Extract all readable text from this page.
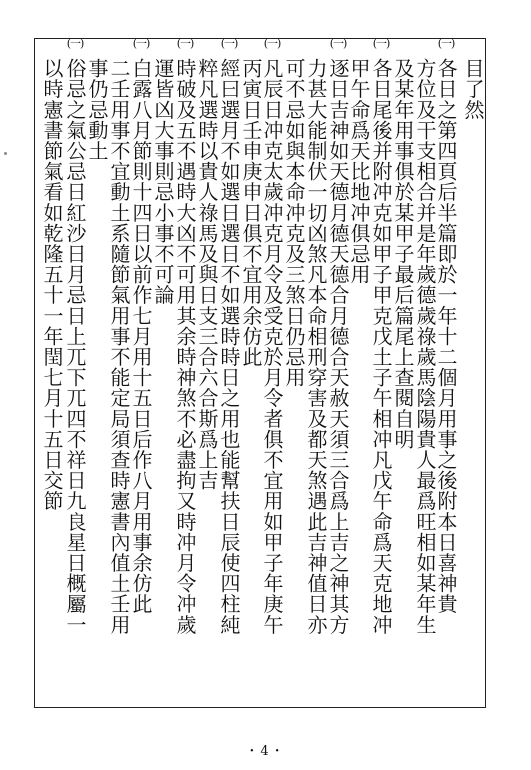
目了然
(一)
各日之第四頁后半篇即於一年十二個月用事之後附本日喜神貴
方位及干支相合并是年歲德歲祿歲馬陰陽貴人最爲旺相如某年生
及某年用事俱於某甲子最后篇尾上查閱自明
(一)
各日尾後并附冲克如甲子甲克戊土子午相冲凡戊午命爲天克地冲
甲午命爲天比地冲俱忌用
(一)
逐日吉神如天德月德天德合月德合天赦天須三合爲上吉之神其方
力甚大能制伏一切凶煞凡本命相刑穿害及都天煞遇此吉神值日亦
可不忌如與本命冲克及三煞日仍忌用
(一)
凡辰日冲克太歲冲克月令及受克於月令者俱不宜用如甲子年庚午
丙寅日壬申庚申日俱不宜用余仿此
(一)
經曰選月不如選日選日不如選時時日之用也能幫扶日辰使四柱純
粹凡選時以貴人祿馬及與日支三合六合斯爲上吉
(一)
時破及五不遇時大凶不可用其余時神煞不必盡拘又時冲月令冲歲
運皆凶大事則忌小事不可論
(一)
白露八月節則十四日以前作七月用十五日后作八月用事余仿此
二壬用事不宜動土系隨節氣用事不能定局須查時憲書內值土壬用
事仍忌動土
(一)
俗忌之氣公忌日紅沙日月忌日上兀下兀四不祥日九良星日概屬一
以時憲書節氣看如乾隆五十一年閏七月十五日交節
・4・
